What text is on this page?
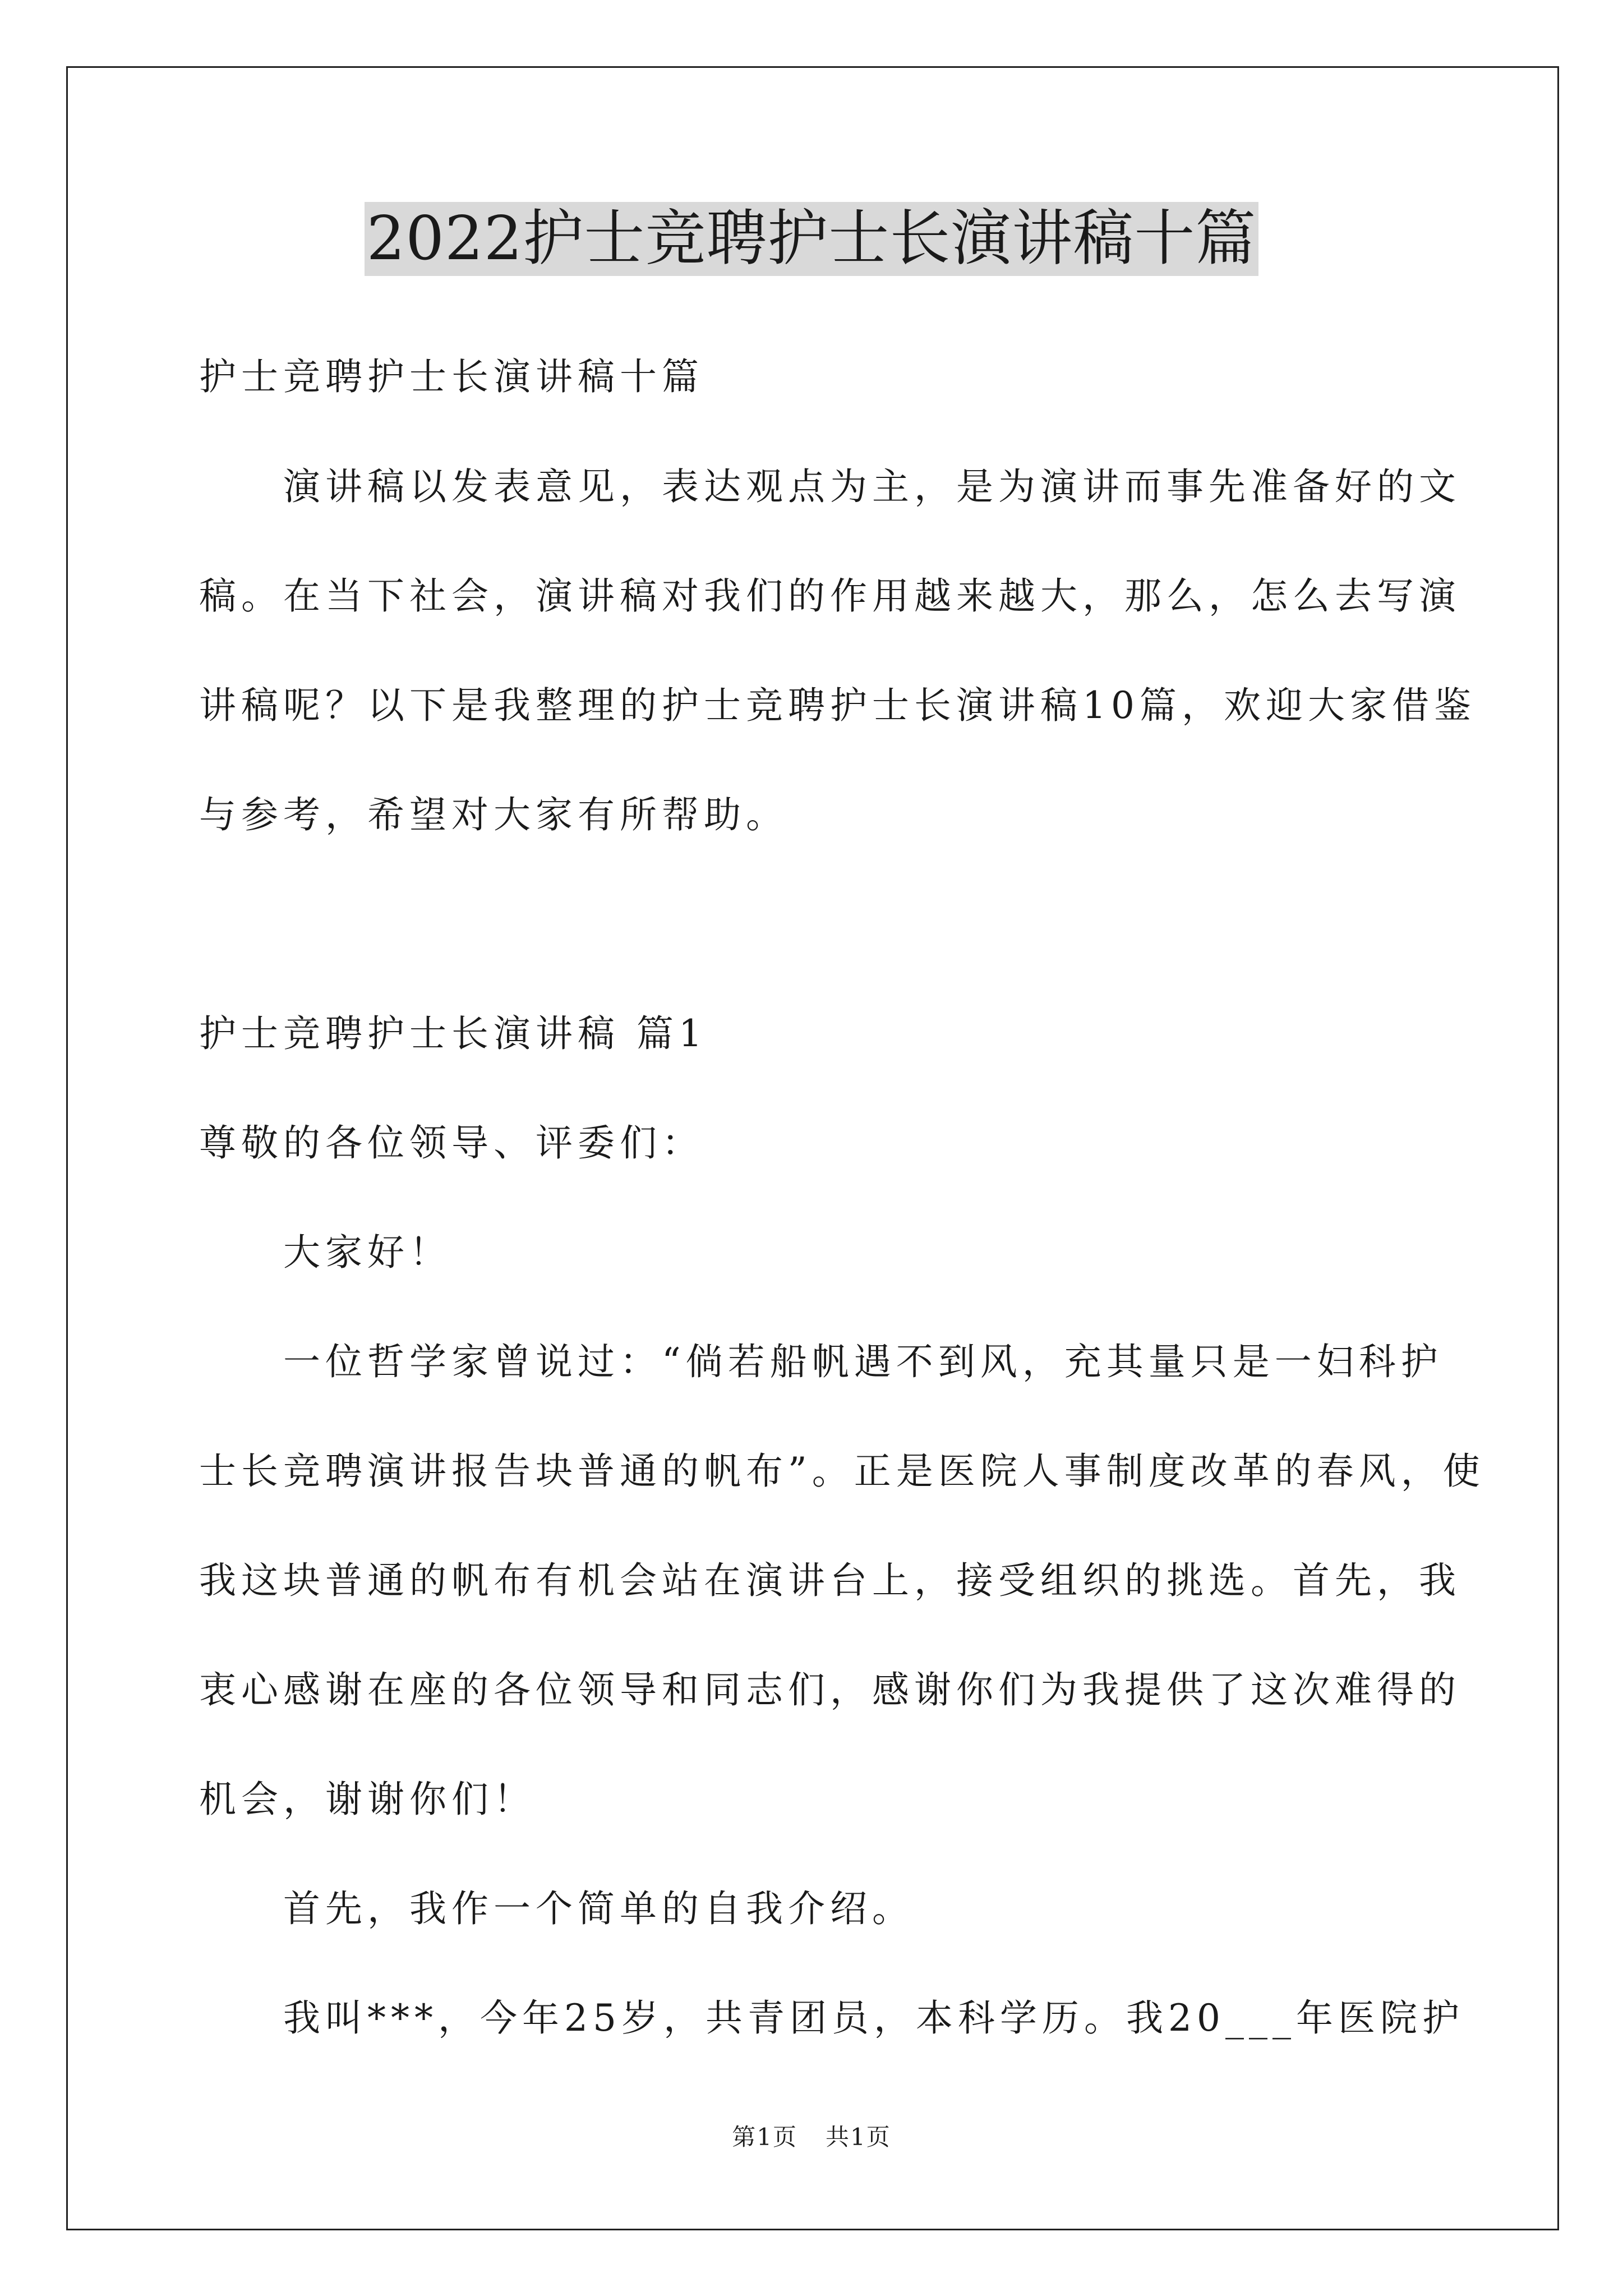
2022护士竞聘护士长演讲稿十篇
护士竞聘护士长演讲稿十篇
演讲稿以发表意见，表达观点为主，是为演讲而事先准备好的文
稿。在当下社会，演讲稿对我们的作用越来越大，那么，怎么去写演
讲稿呢？以下是我整理的护士竞聘护士长演讲稿10篇，欢迎大家借鉴
与参考，希望对大家有所帮助。
护士竞聘护士长演讲稿 篇1
尊敬的各位领导、评委们：
大家好！
一位哲学家曾说过：“倘若船帆遇不到风，充其量只是一妇科护
士长竞聘演讲报告块普通的帆布”。正是医院人事制度改革的春风，使
我这块普通的帆布有机会站在演讲台上，接受组织的挑选。首先，我
衷心感谢在座的各位领导和同志们，感谢你们为我提供了这次难得的
机会，谢谢你们！
首先，我作一个简单的自我介绍。
我叫***，今年25岁，共青团员，本科学历。我20___年医院护
第1页 共1页
